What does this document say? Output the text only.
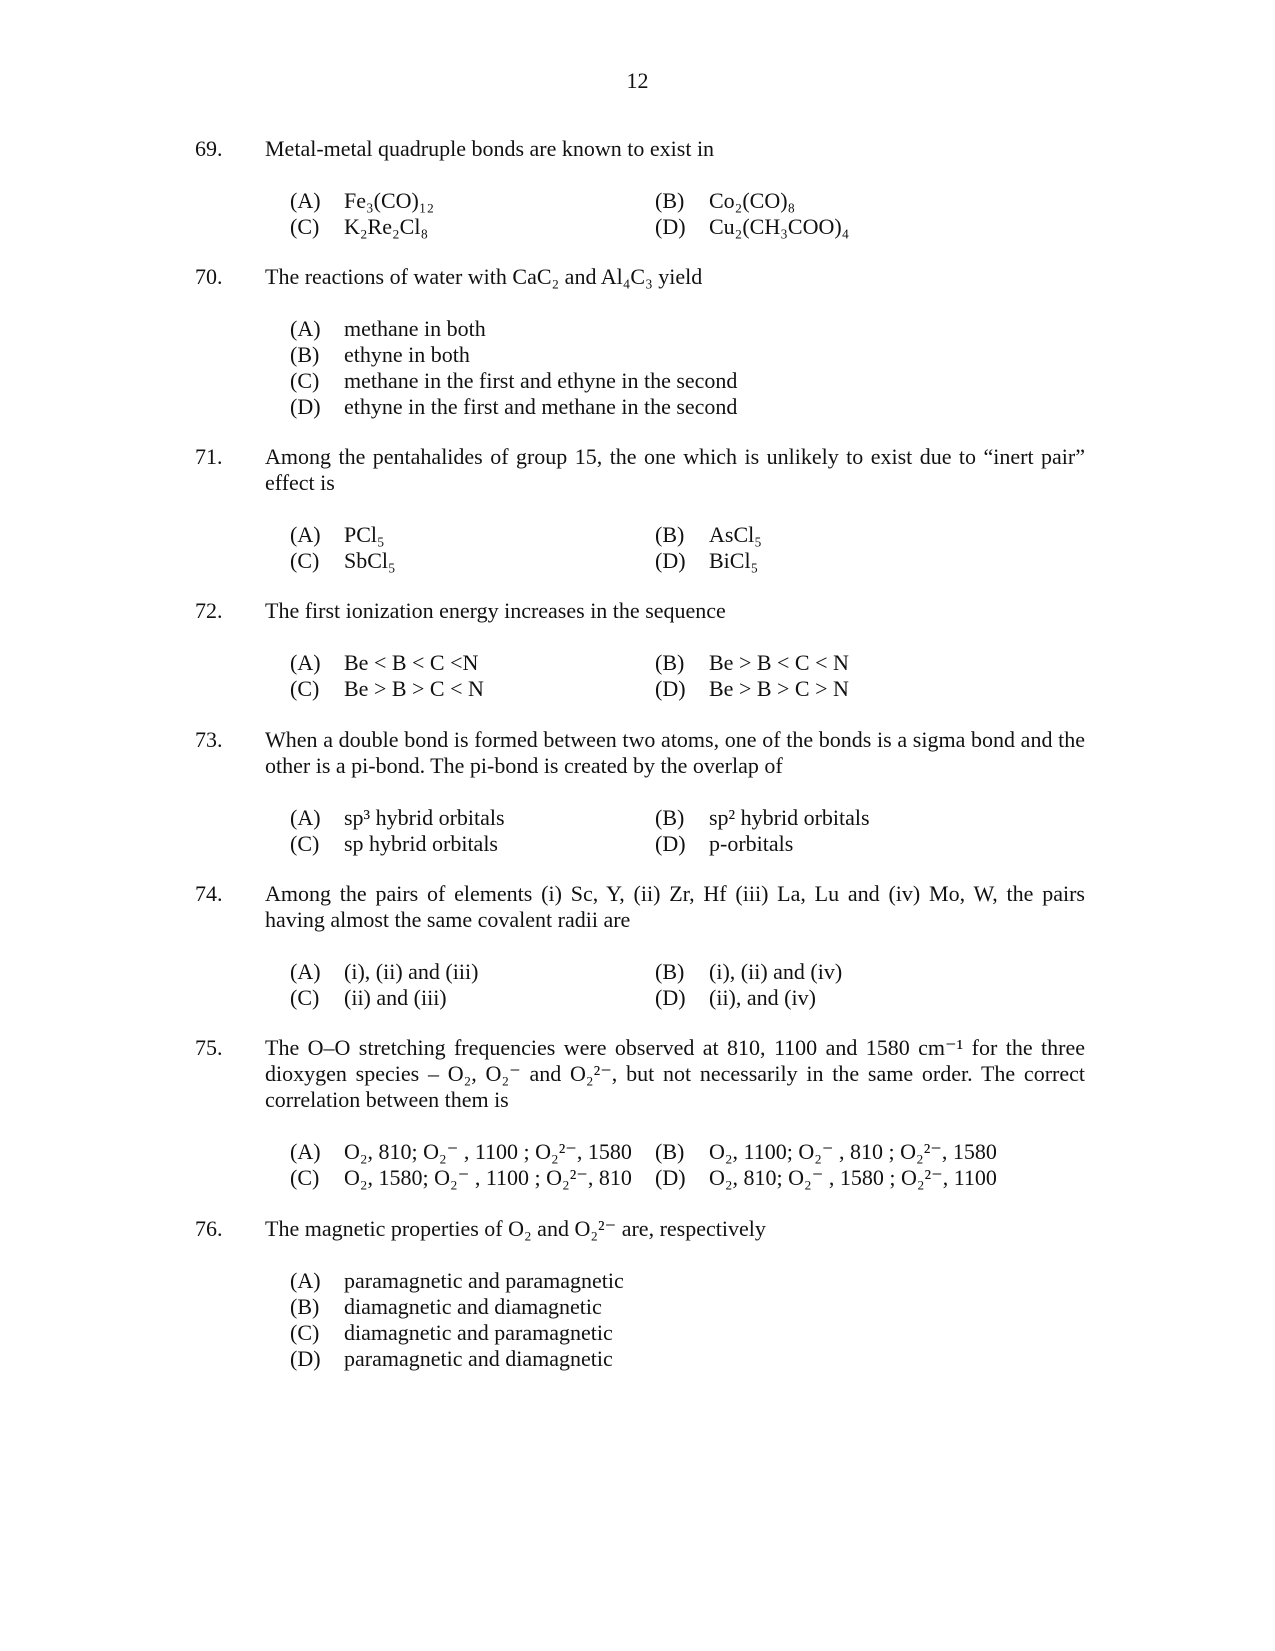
12
69. Metal-metal quadruple bonds are known to exist in
(A) Fe₃(CO)₁₂	(B) Co₂(CO)₈
(C) K₂Re₂Cl₈	(D) Cu₂(CH₃COO)₄
70. The reactions of water with CaC₂ and Al₄C₃ yield
(A) methane in both
(B) ethyne in both
(C) methane in the first and ethyne in the second
(D) ethyne in the first and methane in the second
71. Among the pentahalides of group 15, the one which is unlikely to exist due to “inert pair” effect is
(A) PCl₅	(B) AsCl₅
(C) SbCl₅	(D) BiCl₅
72. The first ionization energy increases in the sequence
(A) Be < B < C <N	(B) Be > B < C < N
(C) Be > B > C < N	(D) Be > B > C > N
73. When a double bond is formed between two atoms, one of the bonds is a sigma bond and the other is a pi-bond. The pi-bond is created by the overlap of
(A) sp³ hybrid orbitals	(B) sp² hybrid orbitals
(C) sp hybrid orbitals	(D) p-orbitals
74. Among the pairs of elements (i) Sc, Y, (ii) Zr, Hf (iii) La, Lu and (iv) Mo, W, the pairs having almost the same covalent radii are
(A) (i), (ii) and (iii)	(B) (i), (ii) and (iv)
(C) (ii) and (iii)	(D) (ii), and (iv)
75. The O–O stretching frequencies were observed at 810, 1100 and 1580 cm⁻¹ for the three dioxygen species – O₂, O₂⁻ and O₂²⁻, but not necessarily in the same order. The correct correlation between them is
(A) O₂, 810; O₂⁻ , 1100 ; O₂²⁻, 1580 (B) O₂, 1100; O₂⁻ , 810 ; O₂²⁻, 1580
(C) O₂, 1580; O₂⁻ , 1100 ; O₂²⁻, 810 (D) O₂, 810; O₂⁻ , 1580 ; O₂²⁻, 1100
76. The magnetic properties of O₂ and O₂²⁻ are, respectively
(A) paramagnetic and paramagnetic
(B) diamagnetic and diamagnetic
(C) diamagnetic and paramagnetic
(D) paramagnetic and diamagnetic
